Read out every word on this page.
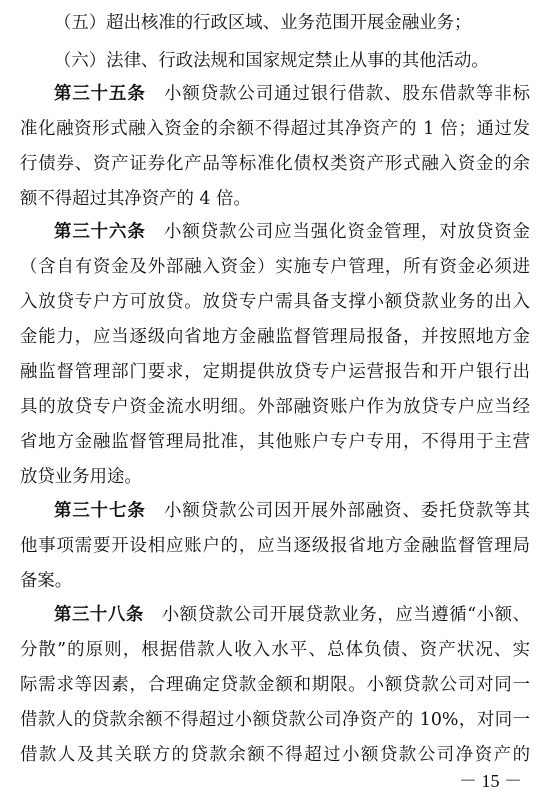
（五）超出核准的行政区域、业务范围开展金融业务；
（六）法律、行政法规和国家规定禁止从事的其他活动。
第三十五条  小额贷款公司通过银行借款、股东借款等非标
准化融资形式融入资金的余额不得超过其净资产的 1 倍；通过发
行债券、资产证券化产品等标准化债权类资产形式融入资金的余
额不得超过其净资产的 4 倍。
第三十六条  小额贷款公司应当强化资金管理，对放贷资金
（含自有资金及外部融入资金）实施专户管理，所有资金必须进
入放贷专户方可放贷。放贷专户需具备支撑小额贷款业务的出入
金能力，应当逐级向省地方金融监督管理局报备，并按照地方金
融监督管理部门要求，定期提供放贷专户运营报告和开户银行出
具的放贷专户资金流水明细。外部融资账户作为放贷专户应当经
省地方金融监督管理局批准，其他账户专户专用，不得用于主营
放贷业务用途。
第三十七条  小额贷款公司因开展外部融资、委托贷款等其
他事项需要开设相应账户的，应当逐级报省地方金融监督管理局
备案。
第三十八条  小额贷款公司开展贷款业务，应当遵循“小额、
分散”的原则，根据借款人收入水平、总体负债、资产状况、实
际需求等因素，合理确定贷款金额和期限。小额贷款公司对同一
借款人的贷款余额不得超过小额贷款公司净资产的 10%，对同一
借款人及其关联方的贷款余额不得超过小额贷款公司净资产的
－ 15 －
